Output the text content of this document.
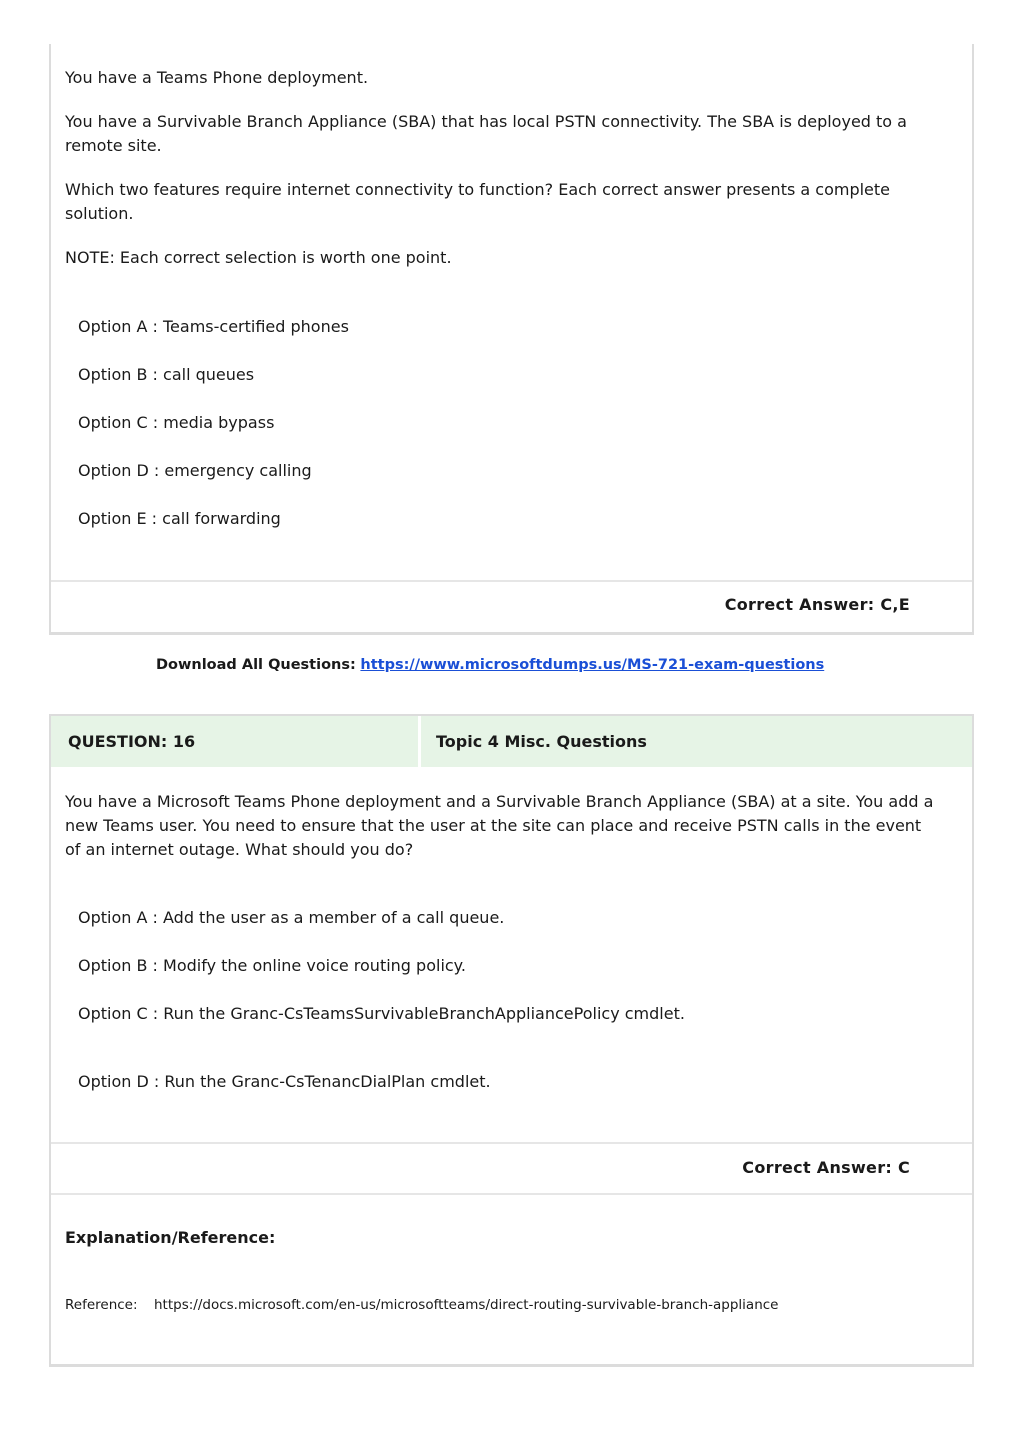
You have a Teams Phone deployment.
You have a Survivable Branch Appliance (SBA) that has local PSTN connectivity. The SBA is deployed to a remote site.
Which two features require internet connectivity to function? Each correct answer presents a complete solution.
NOTE: Each correct selection is worth one point.
Option A : Teams-certified phones
Option B : call queues
Option C : media bypass
Option D : emergency calling
Option E : call forwarding
Correct Answer: C,E
Download All Questions: https://www.microsoftdumps.us/MS-721-exam-questions
QUESTION: 16	Topic 4 Misc. Questions
You have a Microsoft Teams Phone deployment and a Survivable Branch Appliance (SBA) at a site. You add a new Teams user. You need to ensure that the user at the site can place and receive PSTN calls in the event of an internet outage. What should you do?
Option A : Add the user as a member of a call queue.
Option B : Modify the online voice routing policy.
Option C : Run the Granc-CsTeamsSurvivableBranchAppliancePolicy cmdlet.
Option D : Run the Granc-CsTenancDialPlan cmdlet.
Correct Answer: C
Explanation/Reference:
Reference: https://docs.microsoft.com/en-us/microsoftteams/direct-routing-survivable-branch-appliance
